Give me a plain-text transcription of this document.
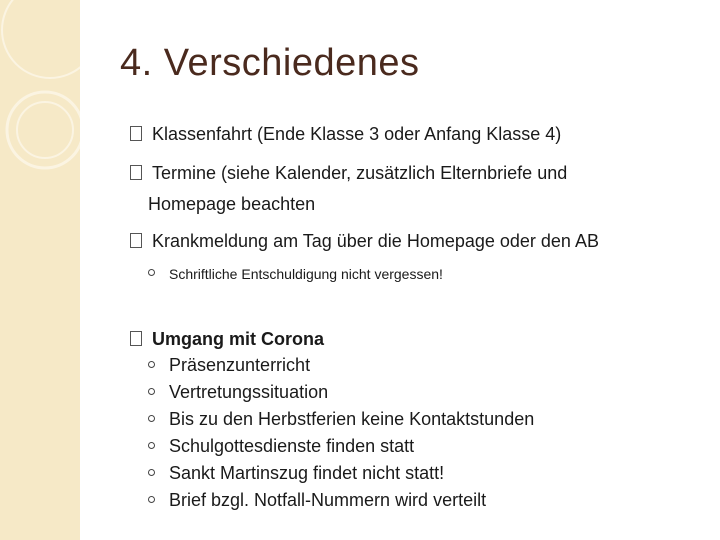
4. Verschiedenes
Klassenfahrt (Ende Klasse 3 oder Anfang Klasse 4)
Termine (siehe Kalender, zusätzlich Elternbriefe und
Homepage beachten
Krankmeldung am Tag über die Homepage oder den AB
Schriftliche Entschuldigung nicht vergessen!
Umgang mit Corona
Präsenzunterricht
Vertretungssituation
Bis zu den Herbstferien keine Kontaktstunden
Schulgottesdienste finden statt
Sankt Martinszug findet nicht statt!
Brief bzgl. Notfall-Nummern wird verteilt
